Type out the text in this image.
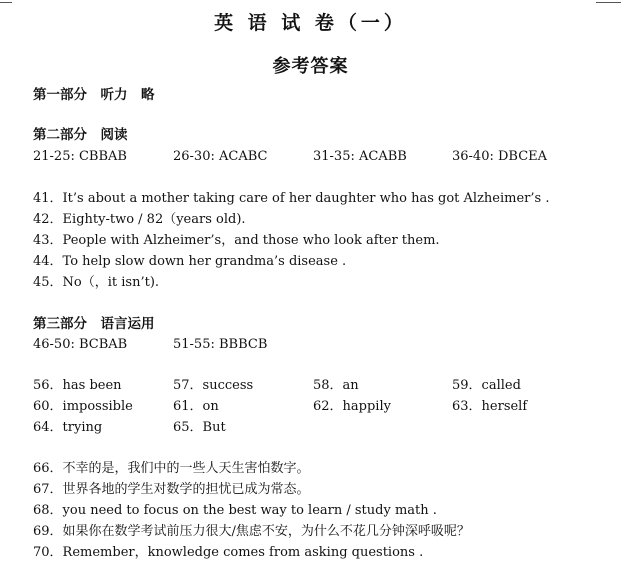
英 语 试 卷（一）
参考答案
第一部分　听力　略
第二部分　阅读
21-25: CBBAB	26-30: ACABC	31-35: ACABB	36-40: DBCEA
41．It’s about a mother taking care of her daughter who has got Alzheimer’s .
42．Eighty-two / 82（years old).
43．People with Alzheimer’s，and those who look after them.
44．To help slow down her grandma’s disease .
45．No（，it isn’t).
第三部分　语言运用
46-50: BCBAB	51-55: BBBCB
56．has been	57．success	58．an	59．called
60．impossible	61．on	62．happily	63．herself
64．trying	65．But
66．不幸的是，我们中的一些人天生害怕数字。
67．世界各地的学生对数学的担忧已成为常态。
68．you need to focus on the best way to learn / study math .
69．如果你在数学考试前压力很大/焦虑不安，为什么不花几分钟深呼吸呢？
70．Remember，knowledge comes from asking questions .
